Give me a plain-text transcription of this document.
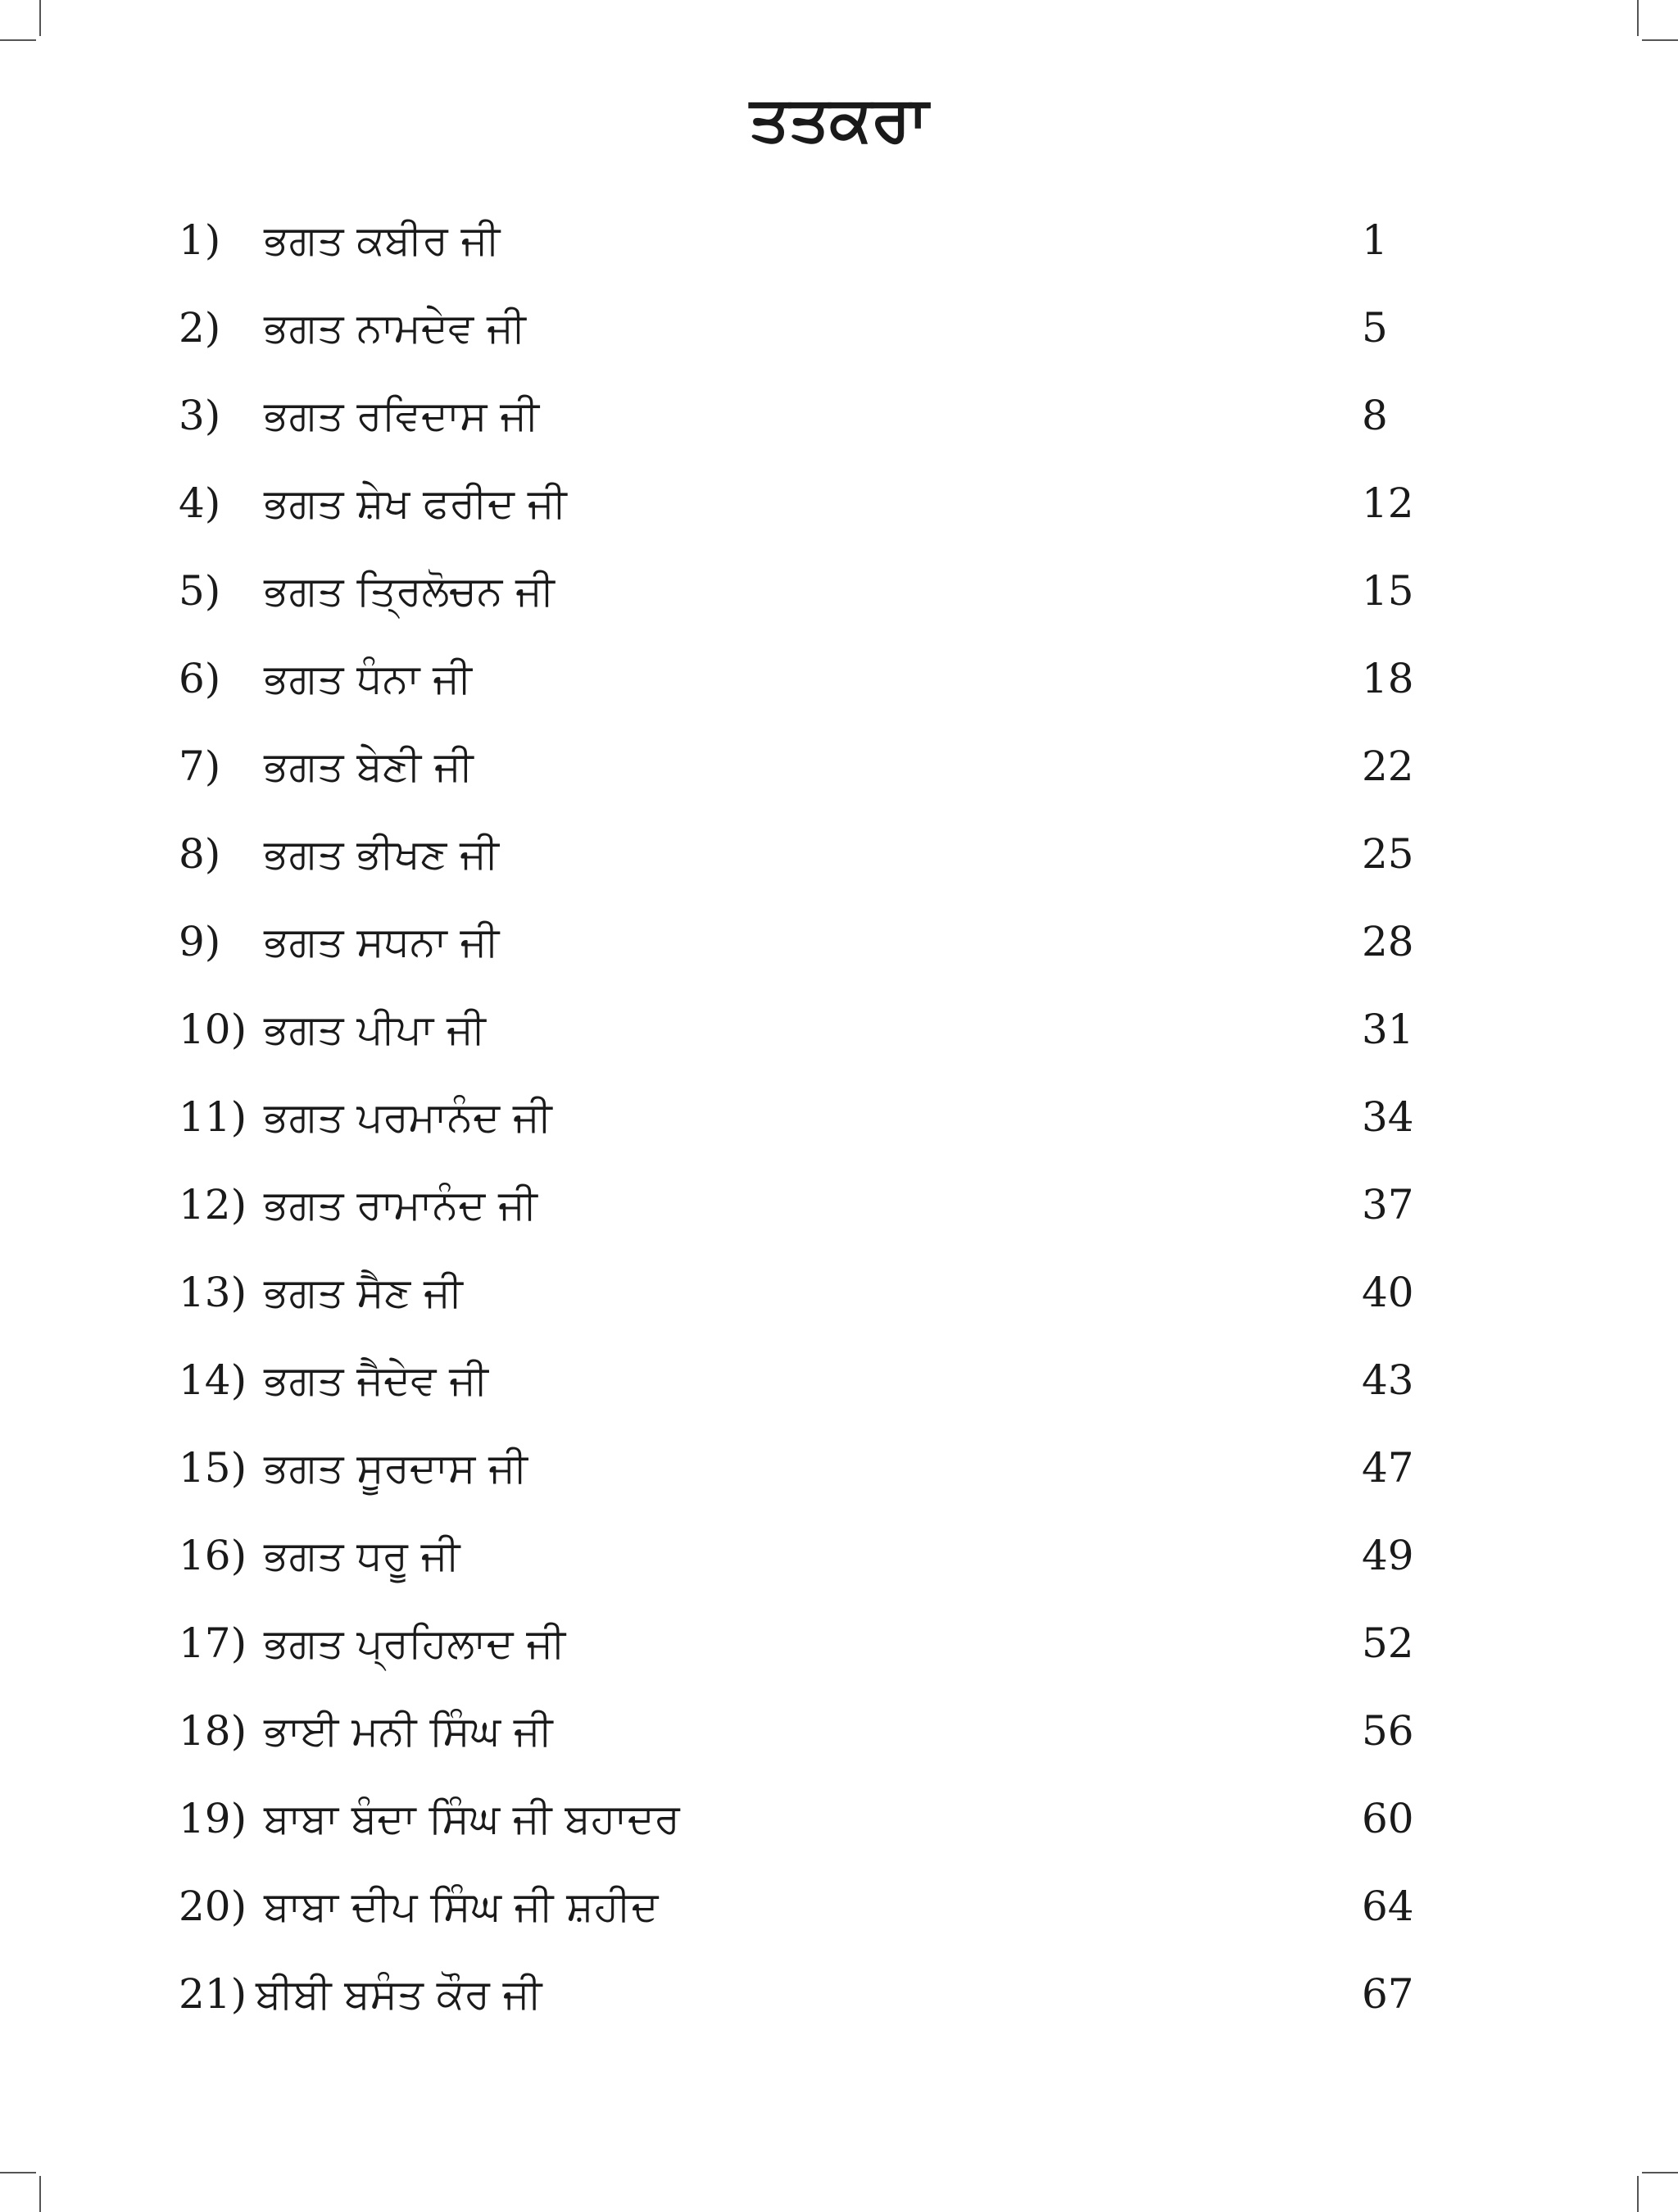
ਤਤਕਰਾ
1) ਭਗਤ ਕਬੀਰ ਜੀ	1
2) ਭਗਤ ਨਾਮਦੇਵ ਜੀ	5
3) ਭਗਤ ਰਵਿਦਾਸ ਜੀ	8
4) ਭਗਤ ਸ਼ੇਖ ਫਰੀਦ ਜੀ	12
5) ਭਗਤ ਤ੍ਰਿਲੋਚਨ ਜੀ	15
6) ਭਗਤ ਧੰਨਾ ਜੀ	18
7) ਭਗਤ ਬੇਣੀ ਜੀ	22
8) ਭਗਤ ਭੀਖਣ ਜੀ	25
9) ਭਗਤ ਸਧਨਾ ਜੀ	28
10) ਭਗਤ ਪੀਪਾ ਜੀ	31
11) ਭਗਤ ਪਰਮਾਨੰਦ ਜੀ	34
12) ਭਗਤ ਰਾਮਾਨੰਦ ਜੀ	37
13) ਭਗਤ ਸੈਣ ਜੀ	40
14) ਭਗਤ ਜੈਦੇਵ ਜੀ	43
15) ਭਗਤ ਸੂਰਦਾਸ ਜੀ	47
16) ਭਗਤ ਧਰੂ ਜੀ	49
17) ਭਗਤ ਪ੍ਰਹਿਲਾਦ ਜੀ	52
18) ਭਾਈ ਮਨੀ ਸਿੰਘ ਜੀ	56
19) ਬਾਬਾ ਬੰਦਾ ਸਿੰਘ ਜੀ ਬਹਾਦਰ	60
20) ਬਾਬਾ ਦੀਪ ਸਿੰਘ ਜੀ ਸ਼ਹੀਦ	64
21) ਬੀਬੀ ਬਸੰਤ ਕੌਰ ਜੀ	67
